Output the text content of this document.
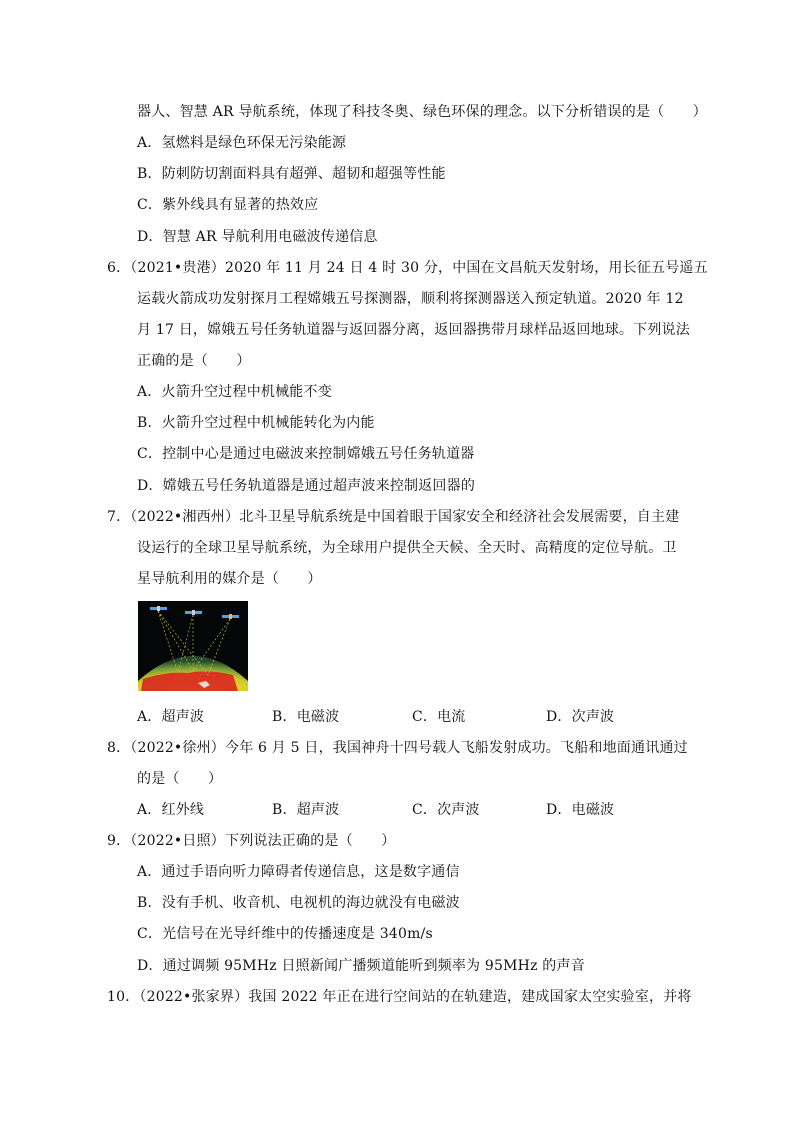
器人、智慧 AR 导航系统，体现了科技冬奥、绿色环保的理念。以下分析错误的是（　　）
A．氢燃料是绿色环保无污染能源
B．防刺防切割面料具有超弹、超韧和超强等性能
C．紫外线具有显著的热效应
D．智慧 AR 导航利用电磁波传递信息
6．（2021•贵港）2020 年 11 月 24 日 4 时 30 分，中国在文昌航天发射场，用长征五号遥五
运载火箭成功发射探月工程嫦娥五号探测器，顺利将探测器送入预定轨道。2020 年 12
月 17 日，嫦娥五号任务轨道器与返回器分离，返回器携带月球样品返回地球。下列说法
正确的是（　　）
A．火箭升空过程中机械能不变
B．火箭升空过程中机械能转化为内能
C．控制中心是通过电磁波来控制嫦娥五号任务轨道器
D．嫦娥五号任务轨道器是通过超声波来控制返回器的
7．（2022•湘西州）北斗卫星导航系统是中国着眼于国家安全和经济社会发展需要，自主建
设运行的全球卫星导航系统，为全球用户提供全天候、全天时、高精度的定位导航。卫
星导航利用的媒介是（　　）
A．超声波	B．电磁波	C．电流	D．次声波
8．（2022•徐州）今年 6 月 5 日，我国神舟十四号载人飞船发射成功。飞船和地面通讯通过
的是（　　）
A．红外线	B．超声波	C．次声波	D．电磁波
9．（2022•日照）下列说法正确的是（　　）
A．通过手语向听力障碍者传递信息，这是数字通信
B．没有手机、收音机、电视机的海边就没有电磁波
C．光信号在光导纤维中的传播速度是 340m/s
D．通过调频 95MHz 日照新闻广播频道能听到频率为 95MHz 的声音
10．（2022•张家界）我国 2022 年正在进行空间站的在轨建造，建成国家太空实验室，并将
